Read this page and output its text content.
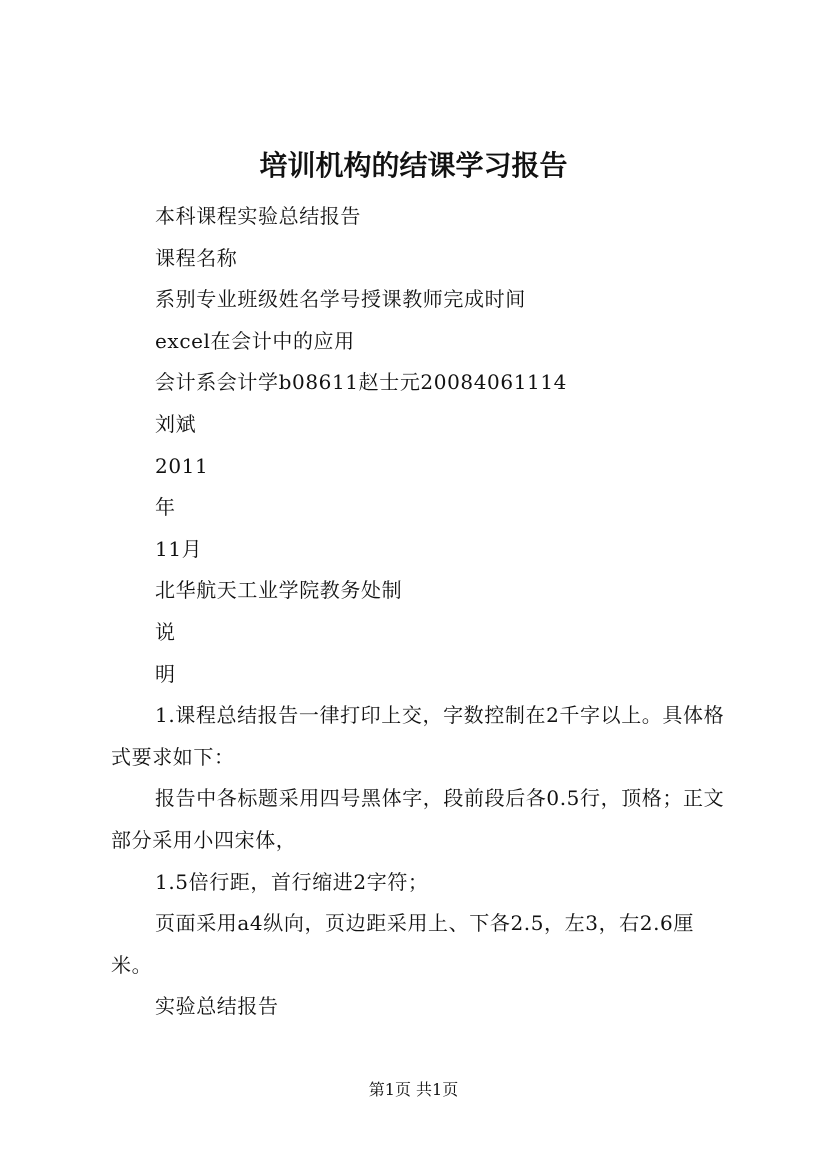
培训机构的结课学习报告

本科课程实验总结报告

课程名称

系别专业班级姓名学号授课教师完成时间

excel在会计中的应用

会计系会计学b08611赵士元20084061114

刘斌

2011

年

11月

北华航天工业学院教务处制

说

明

1.课程总结报告一律打印上交，字数控制在2千字以上。具体格式要求如下：

报告中各标题采用四号黑体字，段前段后各0.5行，顶格；正文部分采用小四宋体，

1.5倍行距，首行缩进2字符；

页面采用a4纵向，页边距采用上、下各2.5，左3，右2.6厘米。

实验总结报告

第1页 共1页
